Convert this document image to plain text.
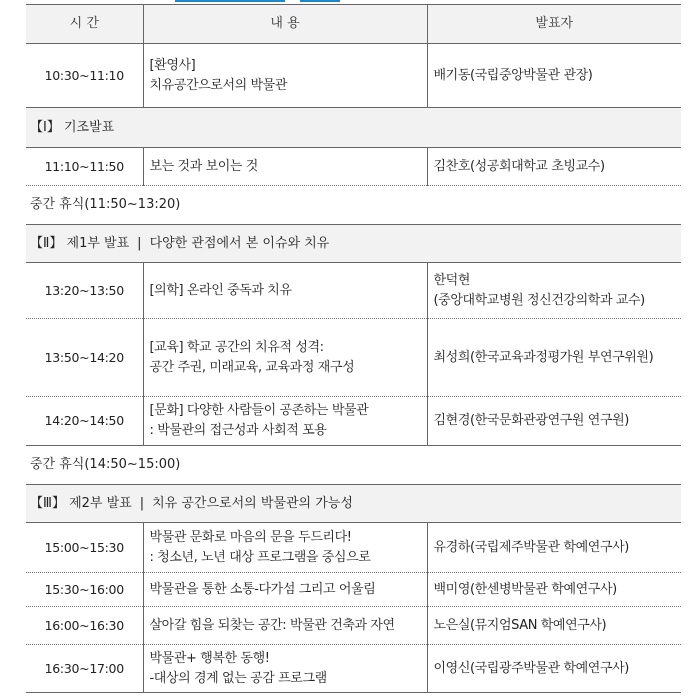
시 간	내 용	발표자
10:30~11:10	[환영사]
치유공간으로서의 박물관	배기동(국립중앙박물관 관장)
【Ⅰ】 기조발표		
11:10~11:50	보는 것과 보이는 것	김찬호(성공회대학교 초빙교수)
중간 휴식(11:50~13:20)		
【Ⅱ】 제1부 발표 | 다양한 관점에서 본 이슈와 치유		
13:20~13:50	[의학] 온라인 중독과 치유	한덕현
(중앙대학교병원 정신건강의학과 교수)

13:50~14:20	[교육] 학교 공간의 치유적 성격:
공간 주권, 미래교육, 교육과정 재구성	최성희(한국교육과정평가원 부연구위원)
14:20~14:50	[문화] 다양한 사람들이 공존하는 박물관
: 박물관의 접근성과 사회적 포용	김현경(한국문화관광연구원 연구원)
중간 휴식(14:50~15:00)		
【Ⅲ】 제2부 발표 | 치유 공간으로서의 박물관의 가능성		
15:00~15:30	박물관 문화로 마음의 문을 두드리다!
: 청소년, 노년 대상 프로그램을 중심으로	유경하(국립제주박물관 학예연구사)
15:30~16:00	박물관을 통한 소통-다가섬 그리고 어울림	백미영(한센병박물관 학예연구사)
16:00~16:30	살아갈 힘을 되찾는 공간: 박물관 건축과 자연	노은실(뮤지엄SAN 학예연구사)
16:30~17:00	박물관+ 행복한 동행!
-대상의 경계 없는 공감 프로그램	이영신(국립광주박물관 학예연구사)
